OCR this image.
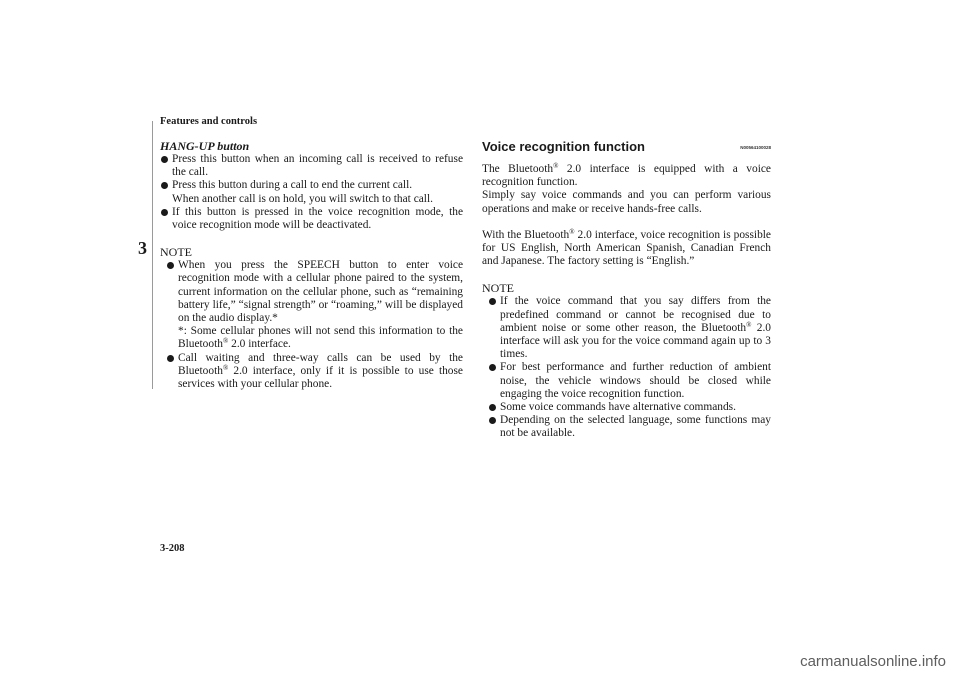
Features and controls
3
HANG-UP button
Press this button when an incoming call is received to refuse the call.
Press this button during a call to end the current call.
When another call is on hold, you will switch to that call.
If this button is pressed in the voice recognition mode, the voice recognition mode will be deactivated.
NOTE
When you press the SPEECH button to enter voice recognition mode with a cellular phone paired to the system, current information on the cellular phone, such as “remaining battery life,” “signal strength” or “roaming,” will be displayed on the audio display.*
*: Some cellular phones will not send this information to the Bluetooth® 2.0 interface.
Call waiting and three-way calls can be used by the Bluetooth® 2.0 interface, only if it is possible to use those services with your cellular phone.
Voice recognition function	N00564100028
The Bluetooth® 2.0 interface is equipped with a voice recognition function.
Simply say voice commands and you can perform various operations and make or receive hands-free calls.
With the Bluetooth® 2.0 interface, voice recognition is possible for US English, North American Spanish, Canadian French and Japanese. The factory setting is “English.”
NOTE
If the voice command that you say differs from the predefined command or cannot be recognised due to ambient noise or some other reason, the Bluetooth® 2.0 interface will ask you for the voice command again up to 3 times.
For best performance and further reduction of ambient noise, the vehicle windows should be closed while engaging the voice recognition function.
Some voice commands have alternative commands.
Depending on the selected language, some functions may not be available.
3-208
carmanualsonline.info
